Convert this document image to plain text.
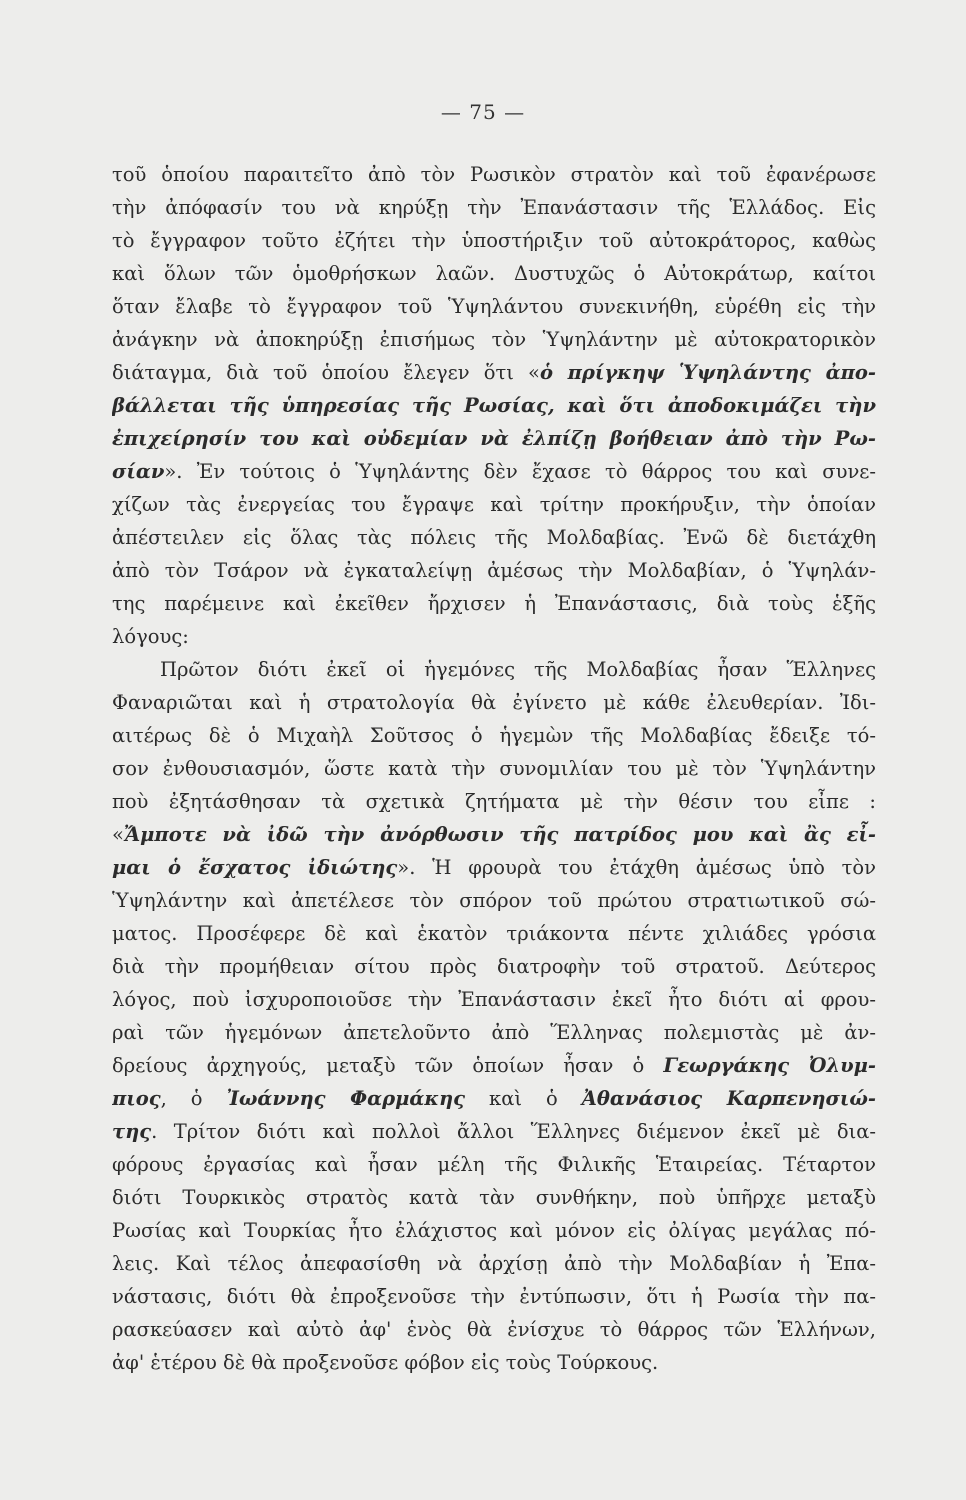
— 75 —
τοῦ ὁποίου παραιτεῖτο ἀπὸ τὸν Ρωσικὸν στρατὸν καὶ τοῦ ἐφανέρωσε
τὴν ἀπόφασίν του νὰ κηρύξῃ τὴν Ἐπανάστασιν τῆς Ἑλλάδος. Εἰς
τὸ ἔγγραφον τοῦτο ἐζήτει τὴν ὑποστήριξιν τοῦ αὐτοκράτορος, καθὼς
καὶ ὅλων τῶν ὁμοθρήσκων λαῶν. Δυστυχῶς ὁ Αὐτοκράτωρ, καίτοι
ὅταν ἔλαβε τὸ ἔγγραφον τοῦ Ὑψηλάντου συνεκινήθη, εὑρέθη εἰς τὴν
ἀνάγκην νὰ ἀποκηρύξῃ ἐπισήμως τὸν Ὑψηλάντην μὲ αὐτοκρατορικὸν
διάταγμα, διὰ τοῦ ὁποίου ἔλεγεν ὅτι «ὁ πρίγκηψ Ὑψηλάντης ἀπο-
βάλλεται τῆς ὑπηρεσίας τῆς Ρωσίας, καὶ ὅτι ἀποδοκιμάζει τὴν
ἐπιχείρησίν του καὶ οὐδεμίαν νὰ ἐλπίζῃ βοήθειαν ἀπὸ τὴν Ρω-
σίαν». Ἐν τούτοις ὁ Ὑψηλάντης δὲν ἔχασε τὸ θάρρος του καὶ συνε-
χίζων τὰς ἐνεργείας του ἔγραψε καὶ τρίτην προκήρυξιν, τὴν ὁποίαν
ἀπέστειλεν εἰς ὅλας τὰς πόλεις τῆς Μολδαβίας. Ἐνῶ δὲ διετάχθη
ἀπὸ τὸν Τσάρον νὰ ἐγκαταλείψῃ ἀμέσως τὴν Μολδαβίαν, ὁ Ὑψηλάν-
της παρέμεινε καὶ ἐκεῖθεν ἤρχισεν ἡ Ἐπανάστασις, διὰ τοὺς ἑξῆς
λόγους:
Πρῶτον διότι ἐκεῖ οἱ ἡγεμόνες τῆς Μολδαβίας ἦσαν Ἕλληνες
Φαναριῶται καὶ ἡ στρατολογία θὰ ἐγίνετο μὲ κάθε ἐλευθερίαν. Ἰδι-
αιτέρως δὲ ὁ Μιχαὴλ Σοῦτσος ὁ ἡγεμὼν τῆς Μολδαβίας ἔδειξε τό-
σον ἐνθουσιασμόν, ὥστε κατὰ τὴν συνομιλίαν του μὲ τὸν Ὑψηλάντην
ποὺ ἐξητάσθησαν τὰ σχετικὰ ζητήματα μὲ τὴν θέσιν του εἶπε :
«Ἄμποτε νὰ ἰδῶ τὴν ἀνόρθωσιν τῆς πατρίδος μου καὶ ἂς εἶ-
μαι ὁ ἔσχατος ἰδιώτης». Ἡ φρουρὰ του ἐτάχθη ἀμέσως ὑπὸ τὸν
Ὑψηλάντην καὶ ἀπετέλεσε τὸν σπόρον τοῦ πρώτου στρατιωτικοῦ σώ-
ματος. Προσέφερε δὲ καὶ ἑκατὸν τριάκοντα πέντε χιλιάδες γρόσια
διὰ τὴν προμήθειαν σίτου πρὸς διατροφὴν τοῦ στρατοῦ. Δεύτερος
λόγος, ποὺ ἰσχυροποιοῦσε τὴν Ἐπανάστασιν ἐκεῖ ἦτο διότι αἱ φρου-
ραὶ τῶν ἡγεμόνων ἀπετελοῦντο ἀπὸ Ἕλληνας πολεμιστὰς μὲ ἀν-
δρείους ἀρχηγούς, μεταξὺ τῶν ὁποίων ἦσαν ὁ Γεωργάκης Ὀλυμ-
πιος, ὁ Ἰωάννης Φαρμάκης καὶ ὁ Ἀθανάσιος Καρπενησιώ-
της. Τρίτον διότι καὶ πολλοὶ ἄλλοι Ἕλληνες διέμενον ἐκεῖ μὲ δια-
φόρους ἐργασίας καὶ ἦσαν μέλη τῆς Φιλικῆς Ἑταιρείας. Τέταρτον
διότι Τουρκικὸς στρατὸς κατὰ τὰν συνθήκην, ποὺ ὑπῆρχε μεταξὺ
Ρωσίας καὶ Τουρκίας ἦτο ἐλάχιστος καὶ μόνον εἰς ὀλίγας μεγάλας πό-
λεις. Καὶ τέλος ἀπεφασίσθη νὰ ἀρχίσῃ ἀπὸ τὴν Μολδαβίαν ἡ Ἐπα-
νάστασις, διότι θὰ ἐπροξενοῦσε τὴν ἐντύπωσιν, ὅτι ἡ Ρωσία τὴν πα-
ρασκεύασεν καὶ αὐτὸ ἀφ' ἑνὸς θὰ ἐνίσχυε τὸ θάρρος τῶν Ἑλλήνων,
ἀφ' ἑτέρου δὲ θὰ προξενοῦσε φόβον εἰς τοὺς Τούρκους.
